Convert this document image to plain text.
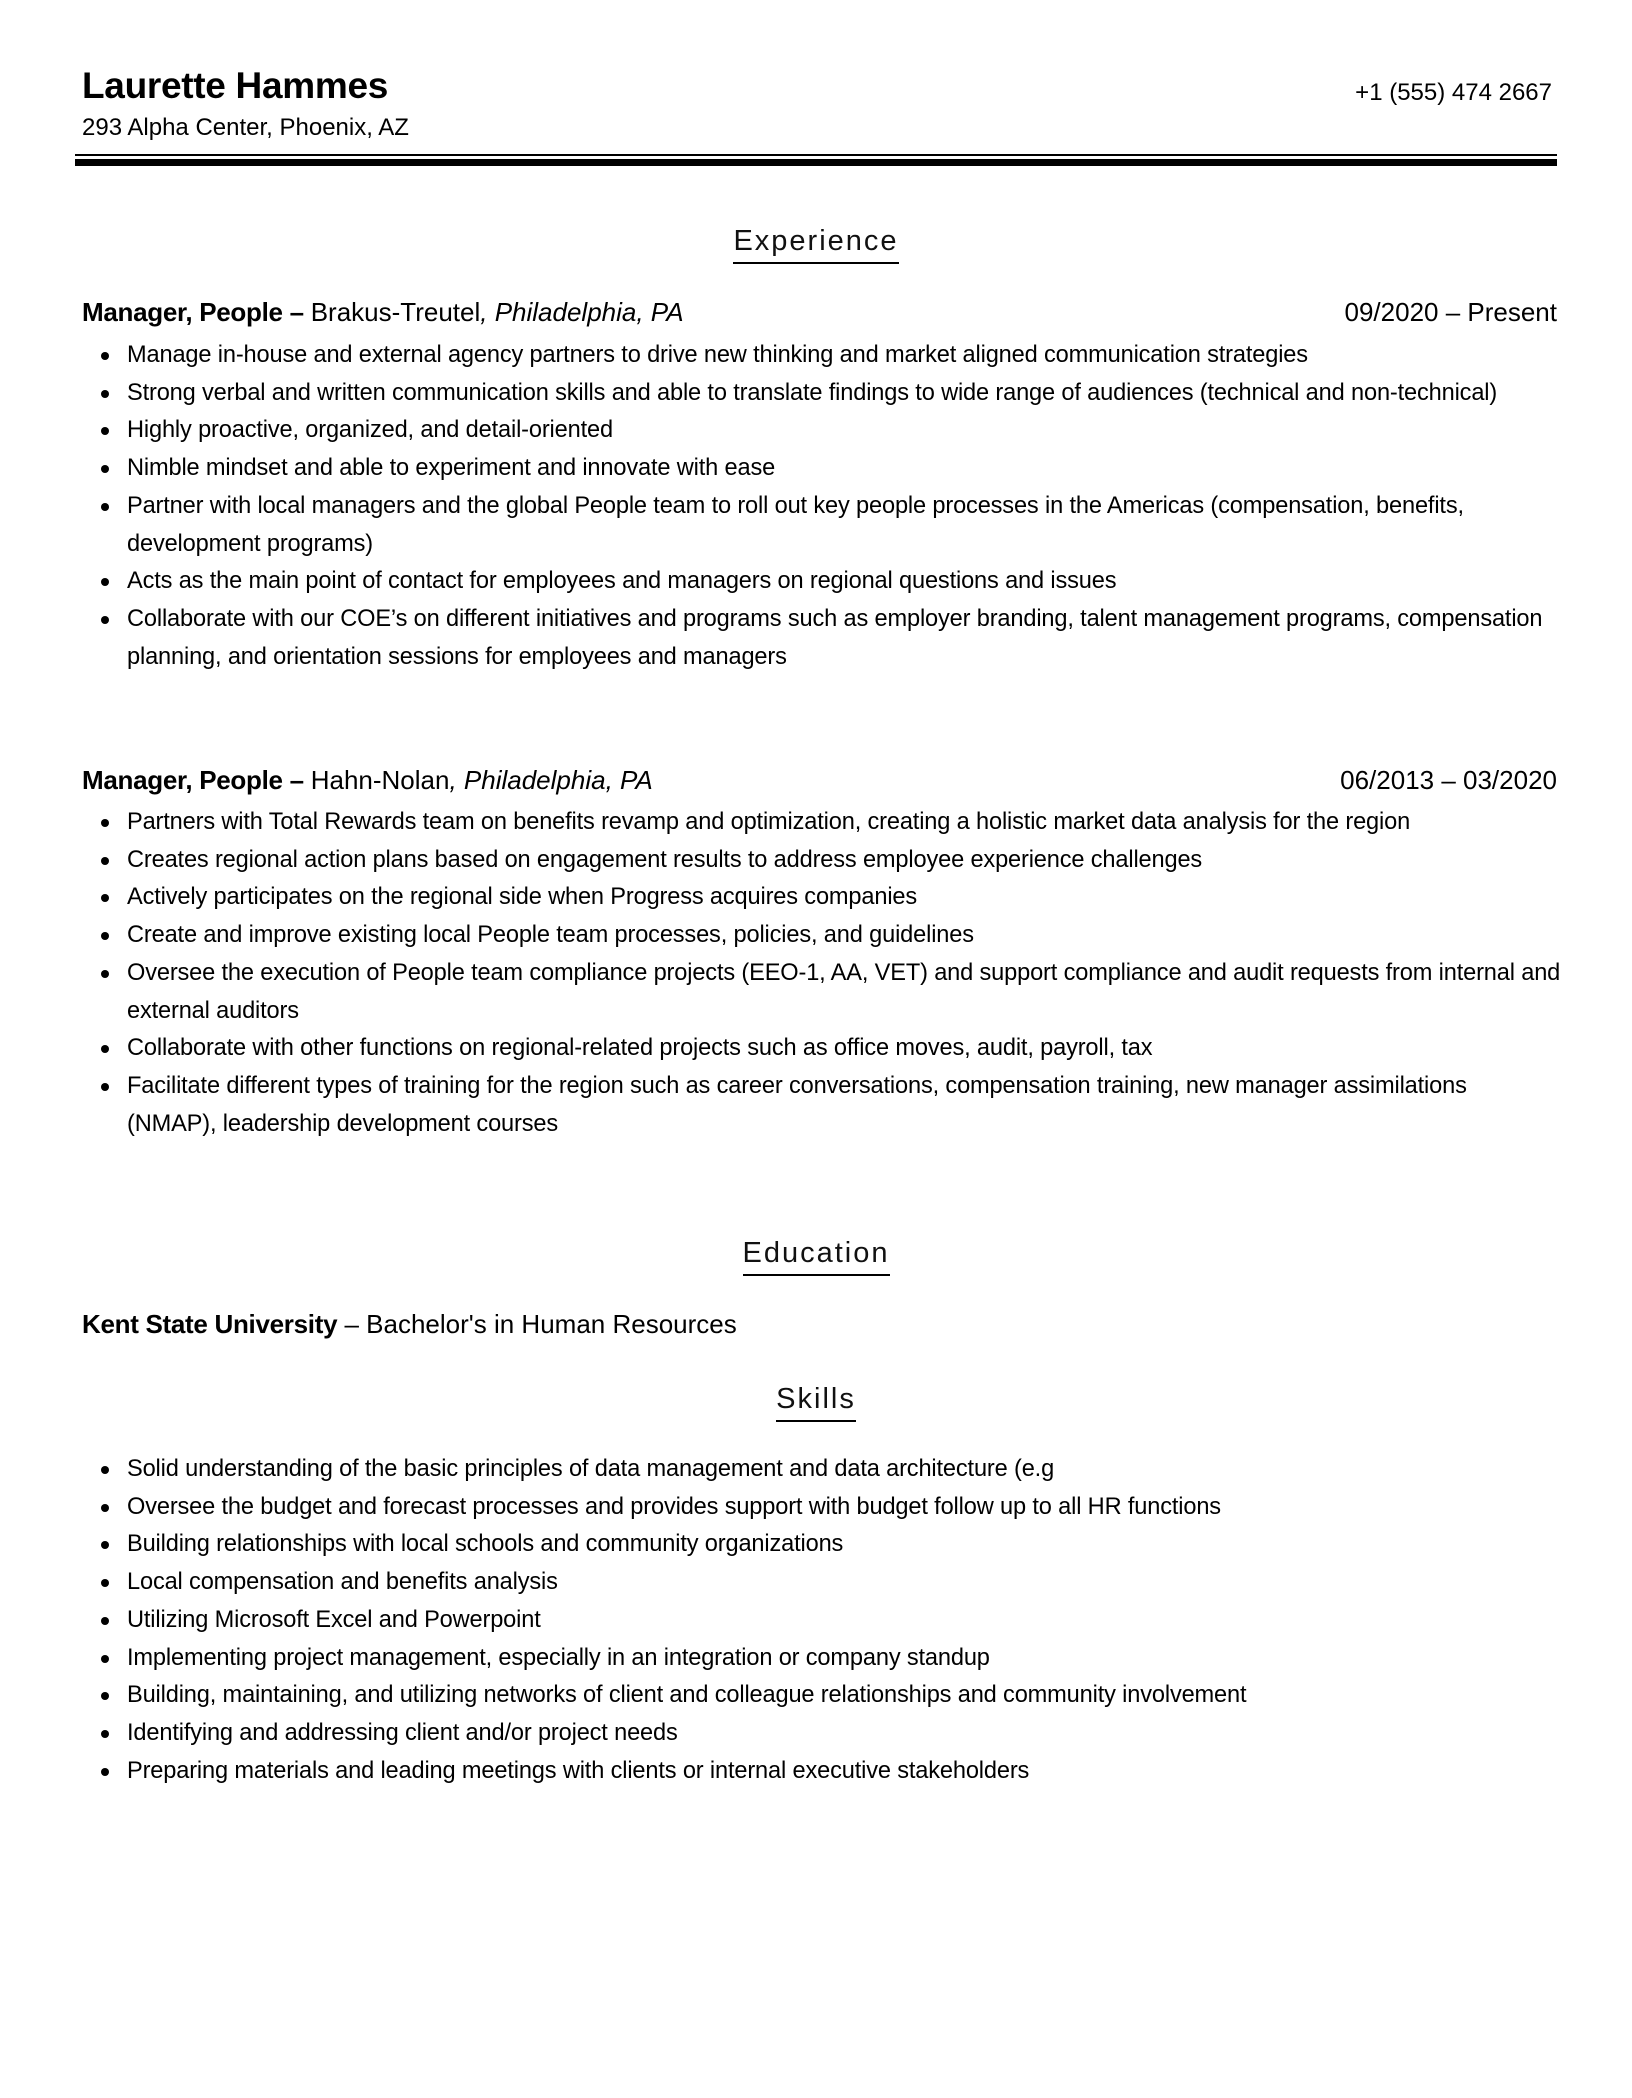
Laurette Hammes
293 Alpha Center, Phoenix, AZ
+1 (555) 474 2667
Experience
Manager, People – Brakus-Treutel, Philadelphia, PA	09/2020 – Present
Manage in-house and external agency partners to drive new thinking and market aligned communication strategies
Strong verbal and written communication skills and able to translate findings to wide range of audiences (technical and non-technical)
Highly proactive, organized, and detail-oriented
Nimble mindset and able to experiment and innovate with ease
Partner with local managers and the global People team to roll out key people processes in the Americas (compensation, benefits, development programs)
Acts as the main point of contact for employees and managers on regional questions and issues
Collaborate with our COE’s on different initiatives and programs such as employer branding, talent management programs, compensation planning, and orientation sessions for employees and managers
Manager, People – Hahn-Nolan, Philadelphia, PA	06/2013 – 03/2020
Partners with Total Rewards team on benefits revamp and optimization, creating a holistic market data analysis for the region
Creates regional action plans based on engagement results to address employee experience challenges
Actively participates on the regional side when Progress acquires companies
Create and improve existing local People team processes, policies, and guidelines
Oversee the execution of People team compliance projects (EEO-1, AA, VET) and support compliance and audit requests from internal and external auditors
Collaborate with other functions on regional-related projects such as office moves, audit, payroll, tax
Facilitate different types of training for the region such as career conversations, compensation training, new manager assimilations (NMAP), leadership development courses
Education
Kent State University – Bachelor's in Human Resources
Skills
Solid understanding of the basic principles of data management and data architecture (e.g
Oversee the budget and forecast processes and provides support with budget follow up to all HR functions
Building relationships with local schools and community organizations
Local compensation and benefits analysis
Utilizing Microsoft Excel and Powerpoint
Implementing project management, especially in an integration or company standup
Building, maintaining, and utilizing networks of client and colleague relationships and community involvement
Identifying and addressing client and/or project needs
Preparing materials and leading meetings with clients or internal executive stakeholders
